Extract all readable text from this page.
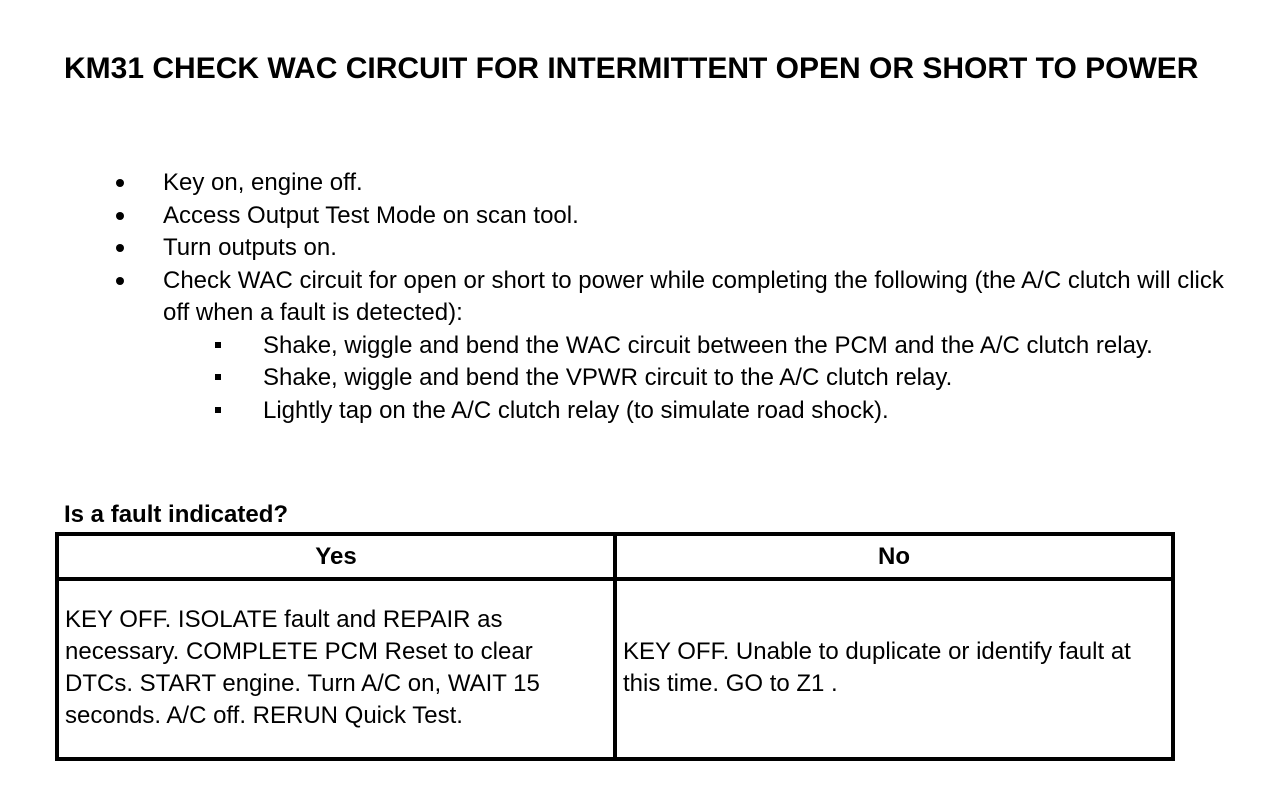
KM31 CHECK WAC CIRCUIT FOR INTERMITTENT OPEN OR SHORT TO POWER
Key on, engine off.
Access Output Test Mode on scan tool.
Turn outputs on.
Check WAC circuit for open or short to power while completing the following (the A/C clutch will click off when a fault is detected):
Shake, wiggle and bend the WAC circuit between the PCM and the A/C clutch relay.
Shake, wiggle and bend the VPWR circuit to the A/C clutch relay.
Lightly tap on the A/C clutch relay (to simulate road shock).

Is a fault indicated?

Yes	No
KEY OFF. ISOLATE fault and REPAIR as necessary. COMPLETE PCM Reset to clear DTCs. START engine. Turn A/C on, WAIT 15 seconds. A/C off. RERUN Quick Test.	KEY OFF. Unable to duplicate or identify fault at this time. GO to Z1 .
